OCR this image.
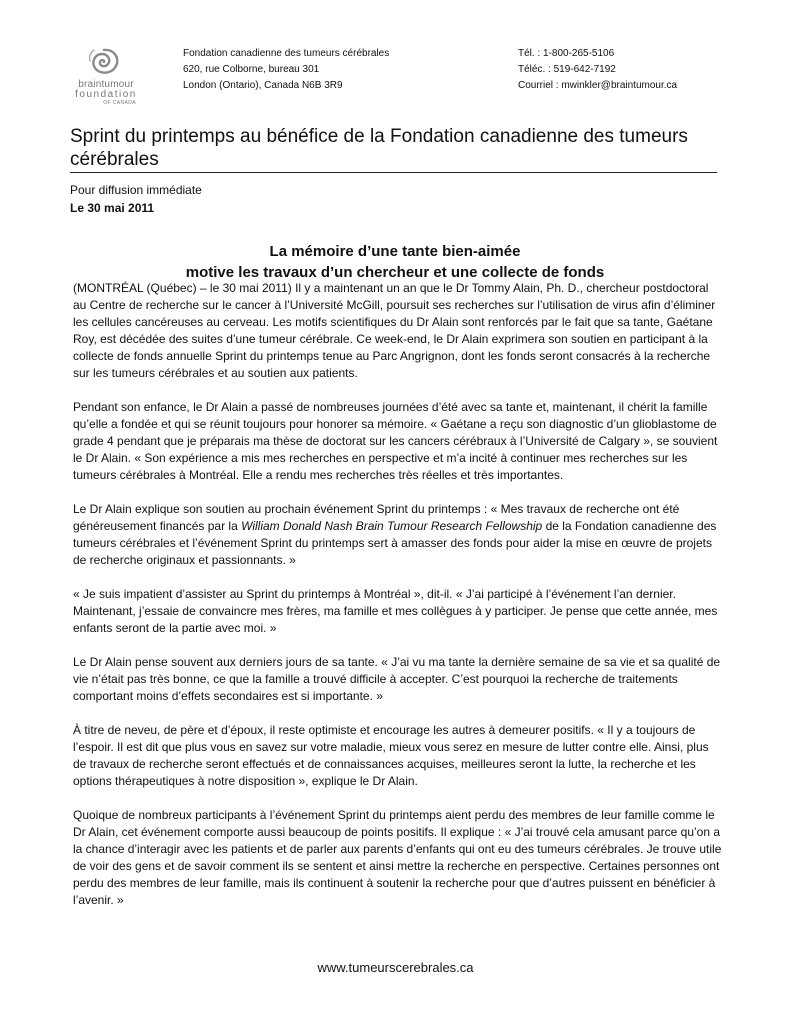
braintumour
foundation
OF CANADA
Fondation canadienne des tumeurs cérébrales
620, rue Colborne, bureau 301
London (Ontario), Canada N6B 3R9
Tél. : 1-800-265-5106
Téléc. : 519-642-7192
Courriel : mwinkler@braintumour.ca
Sprint du printemps au bénéfice de la Fondation canadienne des tumeurs cérébrales
Pour diffusion immédiate
Le 30 mai 2011
La mémoire d’une tante bien-aimée
motive les travaux d’un chercheur et une collecte de fonds

(MONTRÉAL (Québec) – le 30 mai 2011) Il y a maintenant un an que le Dr Tommy Alain, Ph. D., chercheur postdoctoral au Centre de recherche sur le cancer à l’Université McGill, poursuit ses recherches sur l’utilisation de virus afin d’éliminer les cellules cancéreuses au cerveau. Les motifs scientifiques du Dr Alain sont renforcés par le fait que sa tante, Gaétane Roy, est décédée des suites d’une tumeur cérébrale. Ce week-end, le Dr Alain exprimera son soutien en participant à la collecte de fonds annuelle Sprint du printemps tenue au Parc Angrignon, dont les fonds seront consacrés à la recherche sur les tumeurs cérébrales et au soutien aux patients.

Pendant son enfance, le Dr Alain a passé de nombreuses journées d’été avec sa tante et, maintenant, il chérit la famille qu’elle a fondée et qui se réunit toujours pour honorer sa mémoire. « Gaétane a reçu son diagnostic d’un glioblastome de grade 4 pendant que je préparais ma thèse de doctorat sur les cancers cérébraux à l’Université de Calgary », se souvient le Dr Alain. « Son expérience a mis mes recherches en perspective et m’a incité à continuer mes recherches sur les tumeurs cérébrales à Montréal. Elle a rendu mes recherches très réelles et très importantes.

Le Dr Alain explique son soutien au prochain événement Sprint du printemps : « Mes travaux de recherche ont été généreusement financés par la William Donald Nash Brain Tumour Research Fellowship de la Fondation canadienne des tumeurs cérébrales et l’événement Sprint du printemps sert à amasser des fonds pour aider la mise en œuvre de projets de recherche originaux et passionnants. »

« Je suis impatient d’assister au Sprint du printemps à Montréal », dit-il. « J’ai participé à l’événement l’an dernier. Maintenant, j’essaie de convaincre mes frères, ma famille et mes collègues à y participer. Je pense que cette année, mes enfants seront de la partie avec moi. »

Le Dr Alain pense souvent aux derniers jours de sa tante. « J’ai vu ma tante la dernière semaine de sa vie et sa qualité de vie n’était pas très bonne, ce que la famille a trouvé difficile à accepter. C’est pourquoi la recherche de traitements comportant moins d’effets secondaires est si importante. »

À titre de neveu, de père et d’époux, il reste optimiste et encourage les autres à demeurer positifs. « Il y a toujours de l’espoir. Il est dit que plus vous en savez sur votre maladie, mieux vous serez en mesure de lutter contre elle. Ainsi, plus de travaux de recherche seront effectués et de connaissances acquises, meilleures seront la lutte, la recherche et les options thérapeutiques à notre disposition », explique le Dr Alain.

Quoique de nombreux participants à l’événement Sprint du printemps aient perdu des membres de leur famille comme le Dr Alain, cet événement comporte aussi beaucoup de points positifs. Il explique : « J’ai trouvé cela amusant parce qu’on a la chance d’interagir avec les patients et de parler aux parents d’enfants qui ont eu des tumeurs cérébrales. Je trouve utile de voir des gens et de savoir comment ils se sentent et ainsi mettre la recherche en perspective. Certaines personnes ont perdu des membres de leur famille, mais ils continuent à soutenir la recherche pour que d’autres puissent en bénéficier à l’avenir. »

www.tumeurscerebrales.ca
